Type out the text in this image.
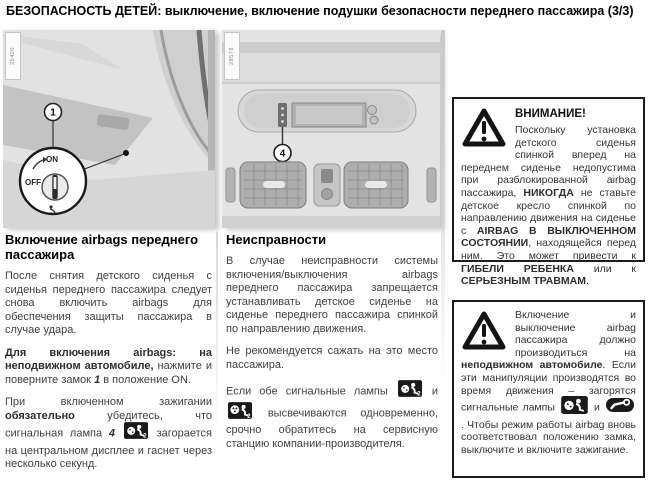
БЕЗОПАСНОСТЬ ДЕТЕЙ: выключение, включение подушки безопасности переднего пассажира (3/3)
ON
OFF
1
25420
4
28578
Включение airbags переднего пассажира

После снятия детского сиденья с сиденья переднего пассажира следует снова включить airbags для обеспечения защиты пассажира в случае удара.

Для включения airbags: на неподвижном автомобиле, нажмите и поверните замок 1 в положение ON.

При включенном зажигании обязательно убедитесь, что сигнальная лампа 4	2 загорается на центральном дисплее и гаснет через несколько секунд.

Неисправности

В случае неисправности системы включения/выключения airbags переднего пассажира запрещается устанавливать детское сиденье на сиденье переднего пассажира спинкой по направлению движения.

Не рекомендуется сажать на это место пассажира.

Если обе сигнальные лампы	2 и
2 высвечиваются одновременно, срочно обратитесь на сервисную станцию компании-производителя.

ВНИМАНИЕ!

Поскольку установка детского сиденья спинкой вперед на переднем сиденье недопустима при разблокированной airbag пассажира, НИКОГДА не ставьте детское кресло спинкой по направлению движения на сиденье с AIRBAG В ВЫКЛЮЧЕННОМ СОСТОЯНИИ, находящейся перед ним. Это может привести к ГИБЕЛИ РЕБЕНКА или к СЕРЬЕЗНЫМ ТРАВМАМ.

Включение и выключение airbag пассажира должно производиться на неподвижном автомобиле. Если эти манипуляции производятся во время движения – загорятся сигнальные лампы	и  . Чтобы режим работы airbag вновь соответствовал положению замка, выключите и включите зажигание.
